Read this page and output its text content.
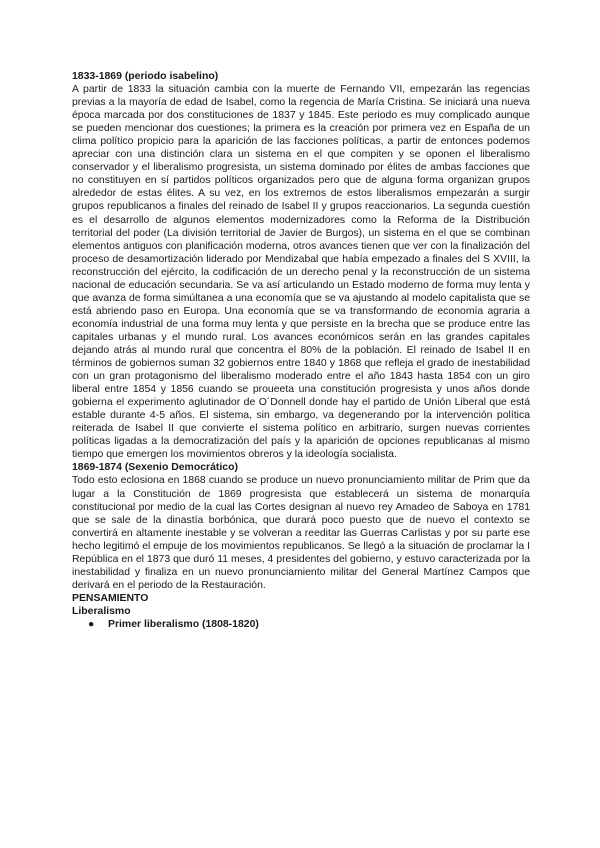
1833-1869 (periodo isabelino)

A partir de 1833 la situación cambia con la muerte de Fernando VII, empezarán las regencias previas a la mayoría de edad de Isabel, como la regencia de María Cristina. Se iniciará una nueva época marcada por dos constituciones de 1837 y 1845. Este periodo es muy complicado aunque se pueden mencionar dos cuestiones; la primera es la creación por primera vez en España de un clima político propicio para la aparición de las facciones políticas, a partir de entonces podemos apreciar con una distinción clara un sistema en el que compiten y se oponen el liberalismo conservador y el liberalismo progresista, un sistema dominado por élites de ambas facciones que no constituyen en sí partidos políticos organizados pero que de alguna forma organizan grupos alrededor de estas élites. A su vez, en los extremos de estos liberalismos empezarán a surgir grupos republicanos a finales del reinado de Isabel II y grupos reaccionarios. La segunda cuestión es el desarrollo de algunos elementos modernizadores como la Reforma de la Distribución territorial del poder (La división territorial de Javier de Burgos), un sistema en el que se combinan elementos antiguos con planificación moderna, otros avances tienen que ver con la finalización del proceso de desamortización liderado por Mendizabal que había empezado a finales del S XVIII, la reconstrucción del ejército, la codificación de un derecho penal y la reconstrucción de un sistema nacional de educación secundaria. Se va así articulando un Estado moderno de forma muy lenta y que avanza de forma simúltanea a una economía que se va ajustando al modelo capitalista que se está abriendo paso en Europa. Una economía que se va transformando de economía agraria a economía industrial de una forma muy lenta y que persiste en la brecha que se produce entre las capitales urbanas y el mundo rural. Los avances económicos serán en las grandes capitales dejando atrás al mundo rural que concentra el 80% de la población. El reinado de Isabel II en términos de gobiernos suman 32 gobiernos entre 1840 y 1868 que refleja el grado de inestabilidad con un gran protagonismo del liberalismo moderado entre el año 1843 hasta 1854 con un giro liberal entre 1854 y 1856 cuando se proueeta una constitución progresista y unos años donde gobierna el experimento aglutinador de O´Donnell donde hay el partido de Unión Liberal que está estable durante 4-5 años. El sistema, sin embargo, va degenerando por la intervención política reiterada de Isabel II que convierte el sistema político en arbitrario, surgen nuevas corrientes políticas ligadas a la democratización del país y la aparición de opciones republicanas al mismo tiempo que emergen los movimientos obreros y la ideología socialista.

1869-1874 (Sexenio Democrático)

Todo esto eclosiona en 1868 cuando se produce un nuevo pronunciamiento militar de Prim que da lugar a la Constitución de 1869 progresista que establecerá un sistema de monarquía constitucional por medio de la cual las Cortes designan al nuevo rey Amadeo de Saboya en 1781 que se sale de la dinastía borbónica, que durará poco puesto que de nuevo el contexto se convertirá en altamente inestable y se volveran a reeditar las Guerras Carlistas y por su parte ese hecho legitimó el empuje de los movimientos republicanos. Se llegó a la situación de proclamar la I República en el 1873 que duró 11 meses, 4 presidentes del gobierno, y estuvo caracterizada por la inestabilidad y finaliza en un nuevo pronunciamiento militar del General Martínez Campos que derivará en el periodo de la Restauración.

PENSAMIENTO
Liberalismo
● Primer liberalismo (1808-1820)
